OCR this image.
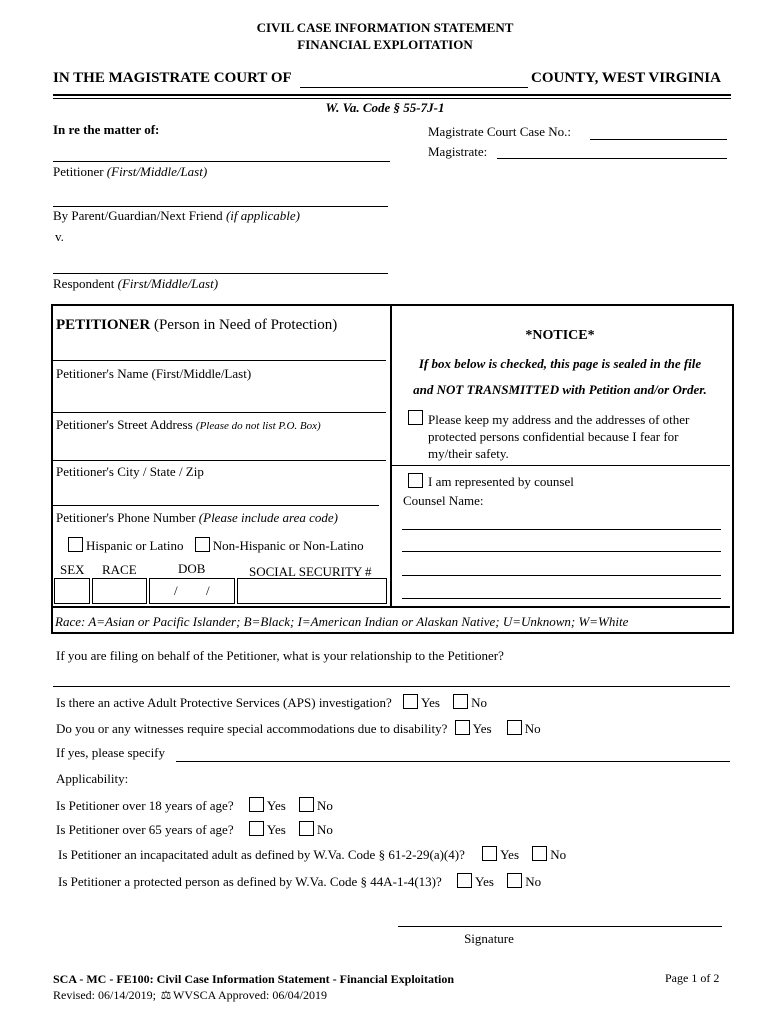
CIVIL CASE INFORMATION STATEMENT
FINANCIAL EXPLOITATION
IN THE MAGISTRATE COURT OF	COUNTY, WEST VIRGINIA
W. Va. Code § 55-7J-1
In re the matter of:	Magistrate Court Case No.:
Magistrate:
Petitioner (First/Middle/Last)
By Parent/Guardian/Next Friend (if applicable)
v.
Respondent (First/Middle/Last)
PETITIONER (Person in Need of Protection)
Petitioner's Name (First/Middle/Last)
Petitioner's Street Address (Please do not list P.O. Box)
Petitioner's City / State / Zip
Petitioner's Phone Number (Please include area code)
Hispanic or Latino Non-Hispanic or Non-Latino
SEX RACE	DOB	SOCIAL SECURITY #
/ /
*NOTICE*
If box below is checked, this page is sealed in the file
and NOT TRANSMITTED with Petition and/or Order.
Please keep my address and the addresses of other
protected persons confidential because I fear for
my/their safety.
I am represented by counsel
Counsel Name:
Race: A=Asian or Pacific Islander; B=Black; I=American Indian or Alaskan Native; U=Unknown; W=White
If you are filing on behalf of the Petitioner, what is your relationship to the Petitioner?
Is there an active Adult Protective Services (APS) investigation? Yes No
Do you or any witnesses require special accommodations due to disability? Yes	No
If yes, please specify
Applicability:
Is Petitioner over 18 years of age?	Yes No
Is Petitioner over 65 years of age?	Yes No
Is Petitioner an incapacitated adult as defined by W.Va. Code § 61-2-29(a)(4)?	Yes No
Is Petitioner a protected person as defined by W.Va. Code § 44A-1-4(13)?	Yes No
Signature
SCA - MC - FE100: Civil Case Information Statement - Financial Exploitation
Revised: 06/14/2019; ⚖ WVSCA Approved: 06/04/2019
Page 1 of 2
